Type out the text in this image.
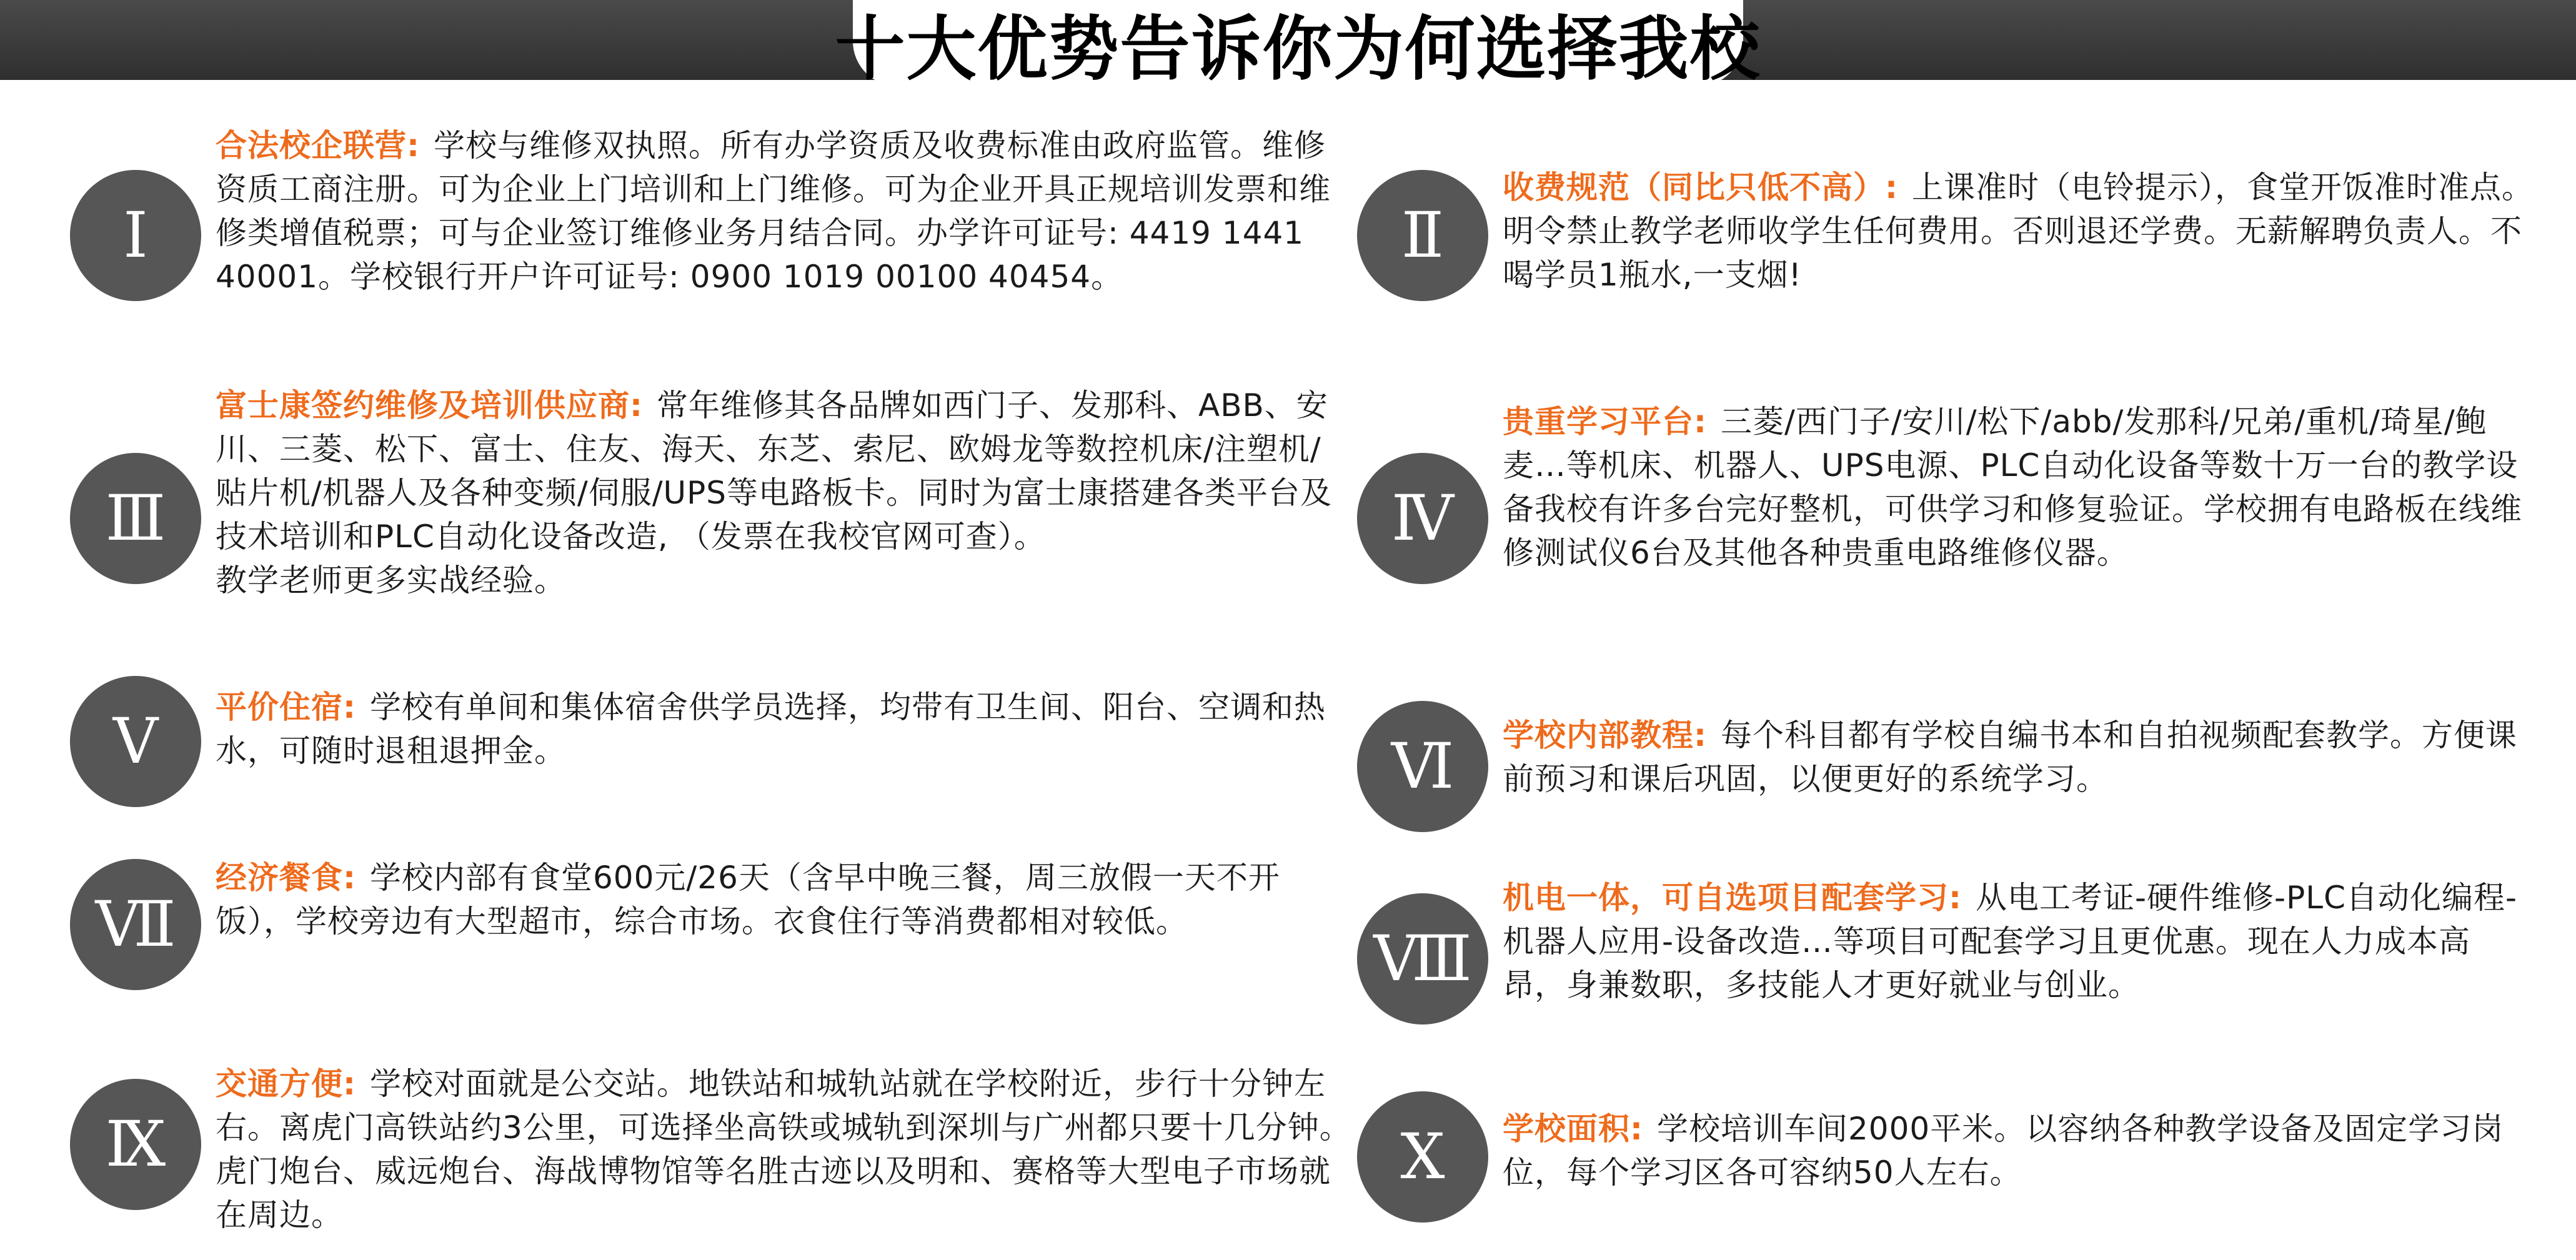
十大优势告诉你为何选择我校
Ⅰ
合法校企联营: 学校与维修双执照。所有办学资质及收费标准由政府监管。维修资质工商注册。可为企业上门培训和上门维修。可为企业开具正规培训发票和维修类增值税票；可与企业签订维修业务月结合同。办学许可证号: 4419 1441 40001。学校银行开户许可证号: 0900 1019 00100 40454。
Ⅱ
收费规范（同比只低不高）: 上课准时（电铃提示），食堂开饭准时准点。明令禁止教学老师收学生任何费用。否则退还学费。无薪解聘负责人。不喝学员1瓶水,一支烟!
Ⅲ
富士康签约维修及培训供应商: 常年维修其各品牌如西门子、发那科、ABB、安川、三菱、松下、富士、住友、海天、东芝、索尼、欧姆龙等数控机床/注塑机/贴片机/机器人及各种变频/伺服/UPS等电路板卡。同时为富士康搭建各类平台及技术培训和PLC自动化设备改造, （发票在我校官网可查）。
教学老师更多实战经验。
Ⅳ
贵重学习平台: 三菱/西门子/安川/松下/abb/发那科/兄弟/重机/琦星/鲍麦…等机床、机器人、UPS电源、PLC自动化设备等数十万一台的教学设备我校有许多台完好整机，可供学习和修复验证。学校拥有电路板在线维修测试仪6台及其他各种贵重电路维修仪器。
Ⅴ	平价住宿: 学校有单间和集体宿舍供学员选择，均带有卫生间、阳台、空调和热水，可随时退租退押金。	Ⅵ	学校内部教程: 每个科目都有学校自编书本和自拍视频配套教学。方便课前预习和课后巩固，以便更好的系统学习。
Ⅶ
经济餐食: 学校内部有食堂600元/26天（含早中晚三餐，周三放假一天不开饭），学校旁边有大型超市，综合市场。衣食住行等消费都相对较低。
Ⅷ
机电一体，可自选项目配套学习: 从电工考证-硬件维修-PLC自动化编程-机器人应用-设备改造…等项目可配套学习且更优惠。现在人力成本高昂，身兼数职，多技能人才更好就业与创业。
Ⅸ
交通方便: 学校对面就是公交站。地铁站和城轨站就在学校附近，步行十分钟左右。离虎门高铁站约3公里，可选择坐高铁或城轨到深圳与广州都只要十几分钟。虎门炮台、威远炮台、海战博物馆等名胜古迹以及明和、赛格等大型电子市场就在周边。
Ⅹ	学校面积: 学校培训车间2000平米。以容纳各种教学设备及固定学习岗位，每个学习区各可容纳50人左右。
